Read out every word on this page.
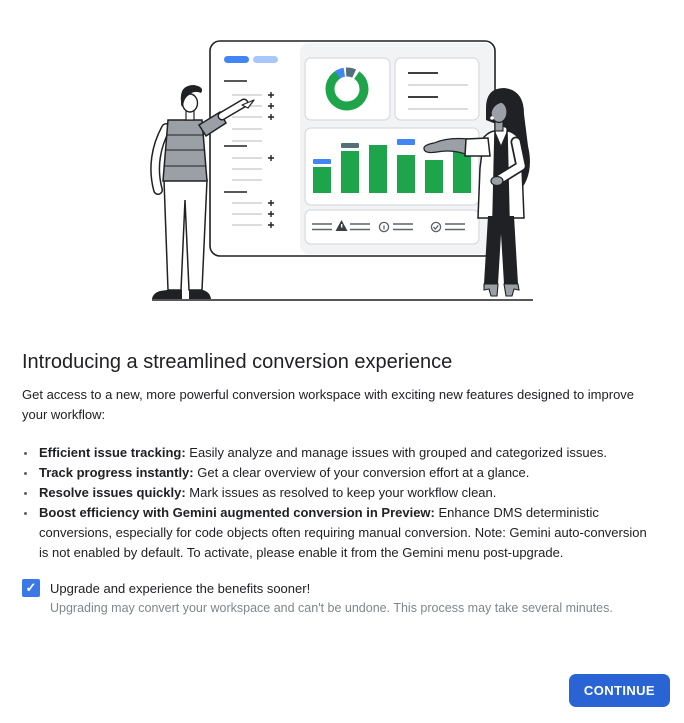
Introducing a streamlined conversion experience

Get access to a new, more powerful conversion workspace with exciting new features designed to improve your workflow:

• Efficient issue tracking: Easily analyze and manage issues with grouped and categorized issues.
• Track progress instantly: Get a clear overview of your conversion effort at a glance.
• Resolve issues quickly: Mark issues as resolved to keep your workflow clean.
• Boost efficiency with Gemini augmented conversion in Preview: Enhance DMS deterministic conversions, especially for code objects often requiring manual conversion. Note: Gemini auto-conversion is not enabled by default. To activate, please enable it from the Gemini menu post-upgrade.
✓ Upgrade and experience the benefits sooner!
Upgrading may convert your workspace and can't be undone. This process may take several minutes.
CONTINUE
